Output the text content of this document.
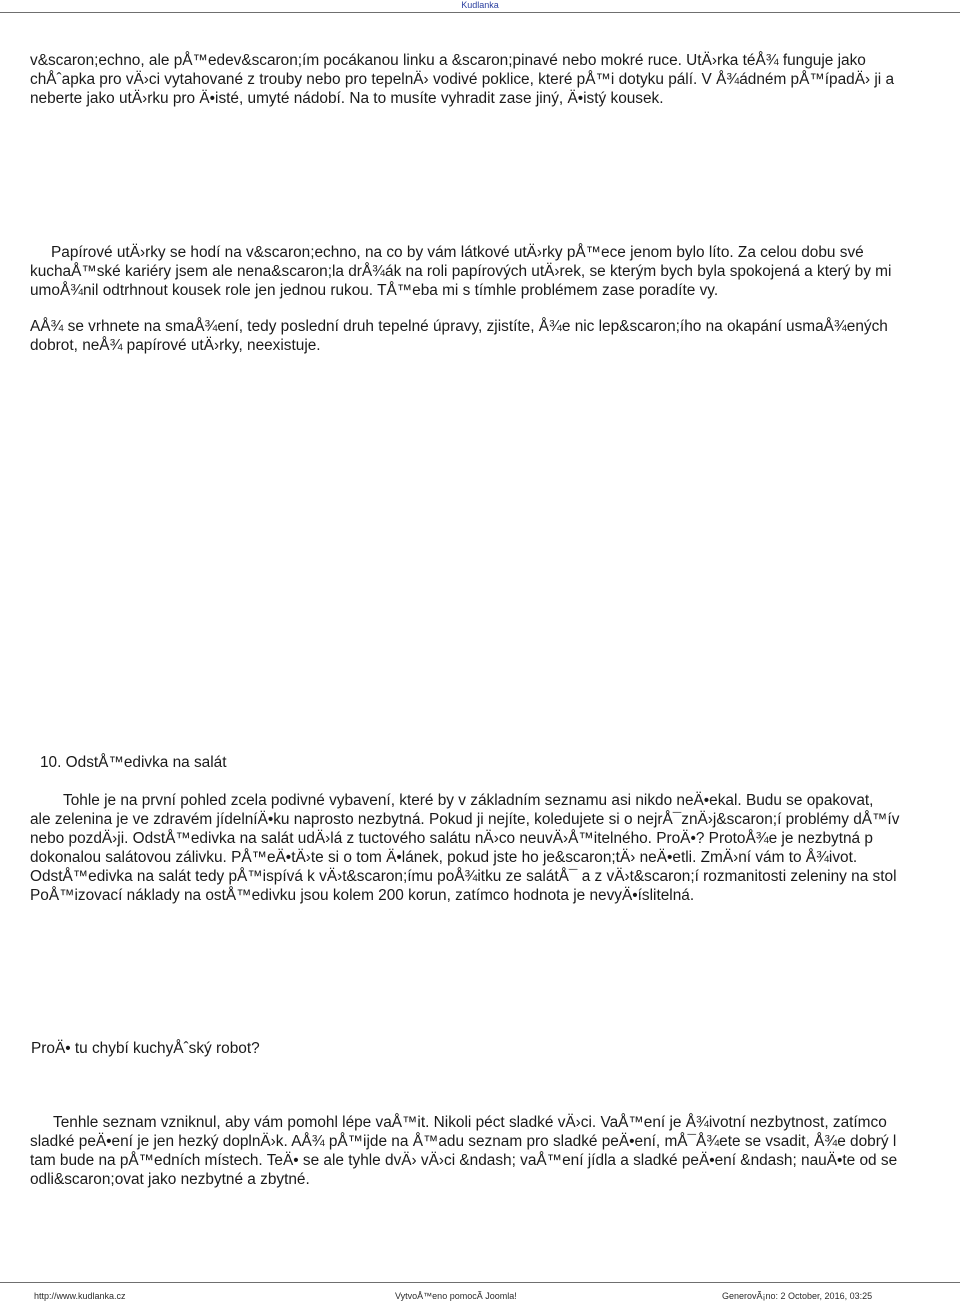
Kudlanka
v&scaron;echno, ale pÅ™edev&scaron;ím pocákanou linku a &scaron;pinavé nebo mokré ruce. UtÄ›rka téÅ¾ funguje jako
chÅˆapka pro vÄ›ci vytahované z trouby nebo pro tepelnÄ› vodivé poklice, které pÅ™i dotyku pálí. V Å¾ádném pÅ™ípadÄ› ji a
neberte jako utÄ›rku pro Ä•isté, umyté nádobí. Na to musíte vyhradit zase jiný, Ä•istý kousek.
Papírové utÄ›rky se hodí na v&scaron;echno, na co by vám látkové utÄ›rky pÅ™ece jenom bylo líto. Za celou dobu své
kuchaÅ™ské kariéry jsem ale nena&scaron;la drÅ¾ák na roli papírových utÄ›rek, se kterým bych byla spokojená a který by mi
umoÅ¾nil odtrhnout kousek role jen jednou rukou. TÅ™eba mi s tímhle problémem zase poradíte vy.
AÅ¾ se vrhnete na smaÅ¾ení, tedy poslední druh tepelné úpravy, zjistíte, Å¾e nic lep&scaron;ího na okapání usmaÅ¾ených
dobrot, neÅ¾ papírové utÄ›rky, neexistuje.
10. OdstÅ™edivka na salát
Tohle je na první pohled zcela podivné vybavení, které by v základním seznamu asi nikdo neÄ•ekal. Budu se opakovat,
ale zelenina je ve zdravém jídelníÄ•ku naprosto nezbytná. Pokud ji nejíte, koledujete si o nejrÅ¯znÄ›j&scaron;í problémy dÅ™ív
nebo pozdÄ›ji. OdstÅ™edivka na salát udÄ›lá z tuctového salátu nÄ›co neuvÄ›Å™itelného. ProÄ•? ProtoÅ¾e je nezbytná p
dokonalou salátovou zálivku. PÅ™eÄ•tÄ›te si o tom Ä•lánek, pokud jste ho je&scaron;tÄ› neÄ•etli. ZmÄ›ní vám to Å¾ivot.
OdstÅ™edivka na salát tedy pÅ™ispívá k vÄ›t&scaron;ímu poÅ¾itku ze salátÅ¯ a z vÄ›t&scaron;í rozmanitosti zeleniny na stol
PoÅ™izovací náklady na ostÅ™edivku jsou kolem 200 korun, zatímco hodnota je nevyÄ•íslitelná.
ProÄ• tu chybí kuchyÅˆský robot?
Tenhle seznam vzniknul, aby vám pomohl lépe vaÅ™it. Nikoli péct sladké vÄ›ci. VaÅ™ení je Å¾ivotní nezbytnost, zatímco
sladké peÄ•ení je jen hezký doplnÄ›k. AÅ¾ pÅ™ijde na Å™adu seznam pro sladké peÄ•ení, mÅ¯Å¾ete se vsadit, Å¾e dobrý l
tam bude na pÅ™edních místech. TeÄ• se ale tyhle dvÄ› vÄ›ci &ndash; vaÅ™ení jídla a sladké peÄ•ení &ndash; nauÄ•te od se
odli&scaron;ovat jako nezbytné a zbytné.
http://www.kudlanka.cz	VytvoÅ™eno pomocÃ Joomla!	GenerovÃ¡no: 2 October, 2016, 03:25
